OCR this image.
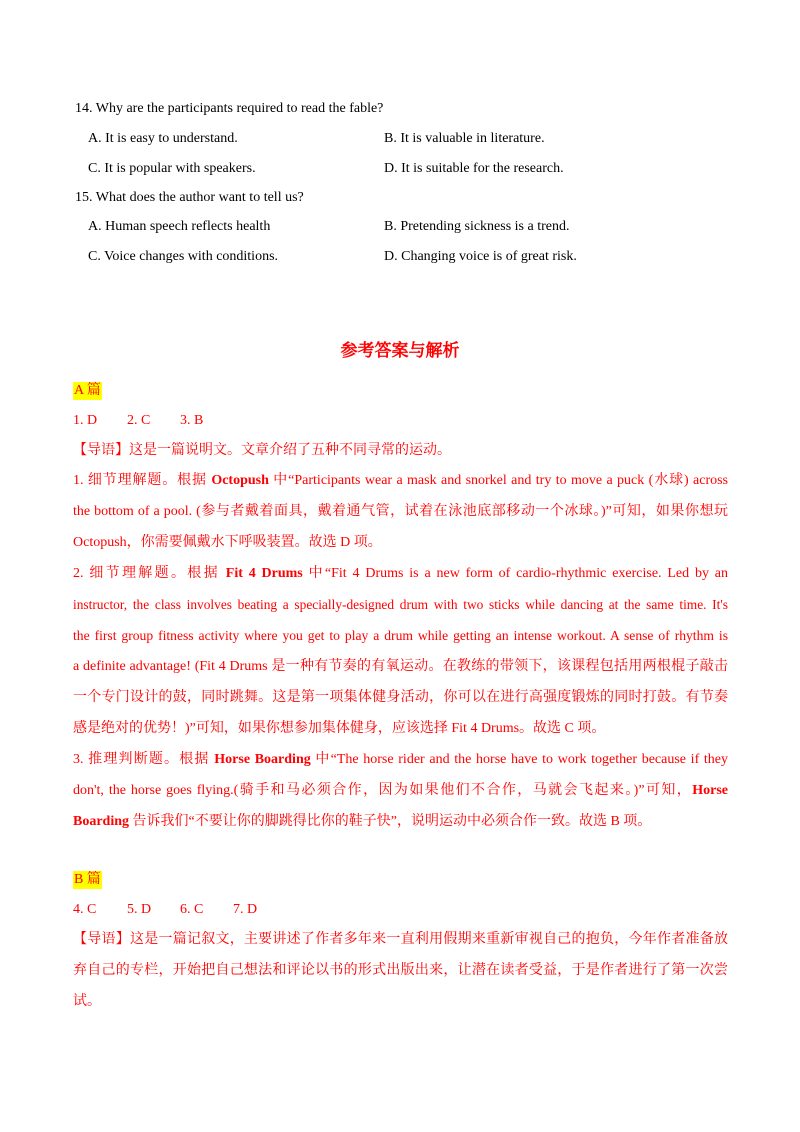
14. Why are the participants required to read the fable?
A. It is easy to understand.	B. It is valuable in literature.
C. It is popular with speakers.	D. It is suitable for the research.
15. What does the author want to tell us?
A. Human speech reflects health	B. Pretending sickness is a trend.
C. Voice changes with conditions.	D. Changing voice is of great risk.
参考答案与解析
A 篇
1. D 2. C 3. B
【导语】这是一篇说明文。文章介绍了五种不同寻常的运动。
1. 细节理解题。根据 Octopush 中“Participants wear a mask and snorkel and try to move a puck (水球) across
the bottom of a pool. (参与者戴着面具，戴着通气管，试着在泳池底部移动一个冰球。)”可知，如果你想玩
Octopush，你需要佩戴水下呼吸装置。故选 D 项。
2. 细节理解题。根据 Fit 4 Drums 中“Fit 4 Drums is a new form of cardio-rhythmic exercise. Led by an
instructor, the class involves beating a specially-designed drum with two sticks while dancing at the same time. It's
the first group fitness activity where you get to play a drum while getting an intense workout. A sense of rhythm is
a definite advantage! (Fit 4 Drums 是一种有节奏的有氧运动。在教练的带领下，该课程包括用两根棍子敲击
一个专门设计的鼓，同时跳舞。这是第一项集体健身活动，你可以在进行高强度锻炼的同时打鼓。有节奏
感是绝对的优势！)”可知，如果你想参加集体健身，应该选择 Fit 4 Drums。故选 C 项。
3. 推理判断题。根据 Horse Boarding 中“The horse rider and the horse have to work together because if they
don't, the horse goes flying.(骑手和马必须合作，因为如果他们不合作，马就会飞起来。)”可知，Horse
Boarding 告诉我们“不要让你的脚跳得比你的鞋子快”，说明运动中必须合作一致。故选 B 项。
B 篇
4. C 5. D 6. C 7. D
【导语】这是一篇记叙文，主要讲述了作者多年来一直利用假期来重新审视自己的抱负，今年作者准备放
弃自己的专栏，开始把自己想法和评论以书的形式出版出来，让潜在读者受益，于是作者进行了第一次尝
试。
